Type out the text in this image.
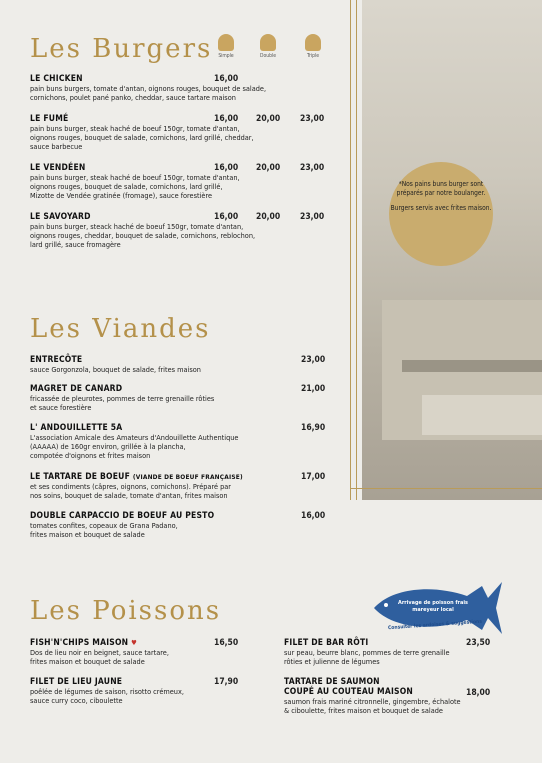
Les Burgers	Simple	Double	Triple
LE CHICKEN
pain buns burgers, tomate d'antan, oignons rouges, bouquet de salade,
cornichons, poulet pané panko, cheddar, sauce tartare maison
16,00
LE FUMÉ
pain buns burger, steak haché de boeuf 150gr, tomate d'antan,
oignons rouges, bouquet de salade, cornichons, lard grillé, cheddar,
sauce barbecue
16,00 20,00 23,00
LE VENDÉEN
pain buns burger, steak haché de boeuf 150gr, tomate d'antan,
oignons rouges, bouquet de salade, cornichons, lard grillé,
Mizotte de Vendée gratinée (fromage), sauce forestière
16,00 20,00 23,00
LE SAVOYARD
pain buns burger, steack haché de boeuf 150gr, tomate d'antan,
oignons rouges, cheddar, bouquet de salade, cornichons, reblochon,
lard grillé, sauce fromagère
16,00 20,00 23,00

*Nos pains buns burger sont préparés par notre boulanger.

Burgers servis avec frites maison.

Les Viandes
ENTRECÔTE
sauce Gorgonzola, bouquet de salade, frites maison
23,00
MAGRET DE CANARD
fricassée de pleurotes, pommes de terre grenaille rôties
et sauce forestière
21,00
L' ANDOUILLETTE 5A
L'association Amicale des Amateurs d'Andouillette Authentique
(AAAAA) de 160gr environ, grillée à la plancha,
compotée d'oignons et frites maison
16,90
LE TARTARE DE BOEUF (VIANDE DE BOEUF FRANÇAISE)
et ses condiments (câpres, oignons, cornichons). Préparé par
nos soins, bouquet de salade, tomate d'antan, frites maison
17,00
DOUBLE CARPACCIO DE BOEUF AU PESTO
tomates confites, copeaux de Grana Padano,
frites maison et bouquet de salade
16,00
Les Poissons	Arrivage de poisson frais
mareyeur local
Consulter les ardoises & suggestions
FISH'N'CHIPS MAISON ♥
Dos de lieu noir en beignet, sauce tartare,
frites maison et bouquet de salade
16,50
FILET DE LIEU JAUNE
poêlée de légumes de saison, risotto crémeux,
sauce curry coco, ciboulette
17,90
FILET DE BAR RÔTI
sur peau, beurre blanc, pommes de terre grenaille
rôties et julienne de légumes
23,50
TARTARE DE SAUMON
COUPÉ AU COUTEAU MAISON
saumon frais mariné citronnelle, gingembre, échalote
& ciboulette, frites maison et bouquet de salade
18,00
